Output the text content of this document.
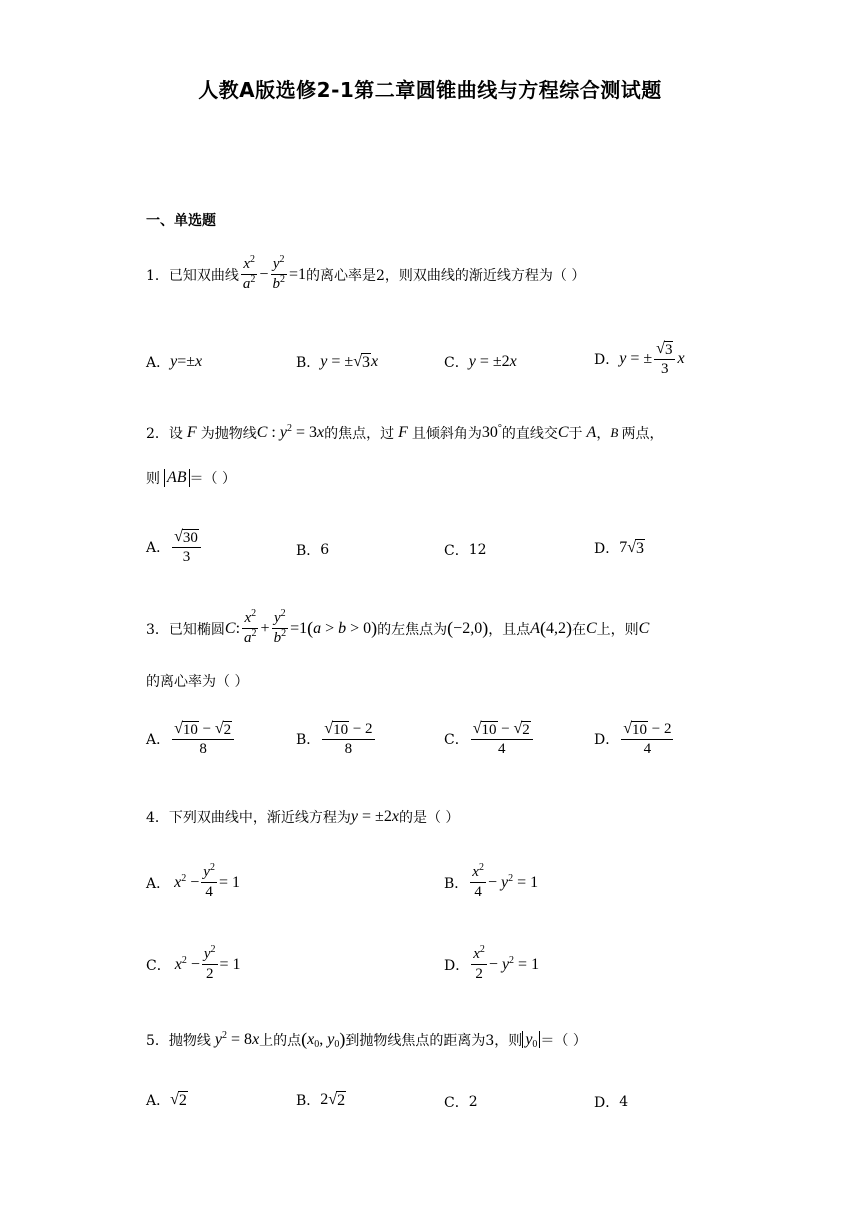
人教A版选修2-1第二章圆锥曲线与方程综合测试题
一、单选题
1． 已知双曲线 $\frac{x^2}{a^2} - \frac{y^2}{b^2} =1$ 的离心率是2，则双曲线的渐近线方程为（ ）
A． y=±x	B． y = ± √ 3 x	C． y = ±2x	D． y = ± $\frac{√ 3}{3}$ x
2． 设 F 为抛物线 C : $y^2 = 3x$ 的焦点，过 F 且倾斜角为 30° 的直线交 C 于 A ， B 两点，
则 AB ＝（ ）
A． $\frac{√ 30}{3}$	B． 6	C． 12	D． 7 √ 3
3． 已知椭圆 C : $\frac{x^2}{a^2} + \frac{y^2}{b^2} =1$ ( a > b > 0 ) 的左焦点为 ( −2,0 ) ，且点 A ( 4,2 ) 在 C 上，则 C
的离心率为（ ）
A． $\frac{√ 10 - √ 2}{8}$	B． $\frac{√ 10 - 2}{8}$	C． $\frac{√ 10 - √ 2}{4}$	D． $\frac{√ 10 - 2}{4}$
4． 下列双曲线中，渐近线方程为 y = ±2x 的是（ ）
A． $x^2 - \frac{y^2}{4} = 1$	B． $\frac{x^2}{4} - y^2 = 1$
C． $x^2 - \frac{y^2}{2} = 1$	D． $\frac{x^2}{2} - y^2 = 1$
5． 抛物线 $y^2 = 8x$ 上的点 ( $x_0$, $y_0$ ) 到抛物线焦点的距离为3，则 $y_0$ ＝（ ）
A． √ 2	B． 2 √ 2	C． 2	D． 4
